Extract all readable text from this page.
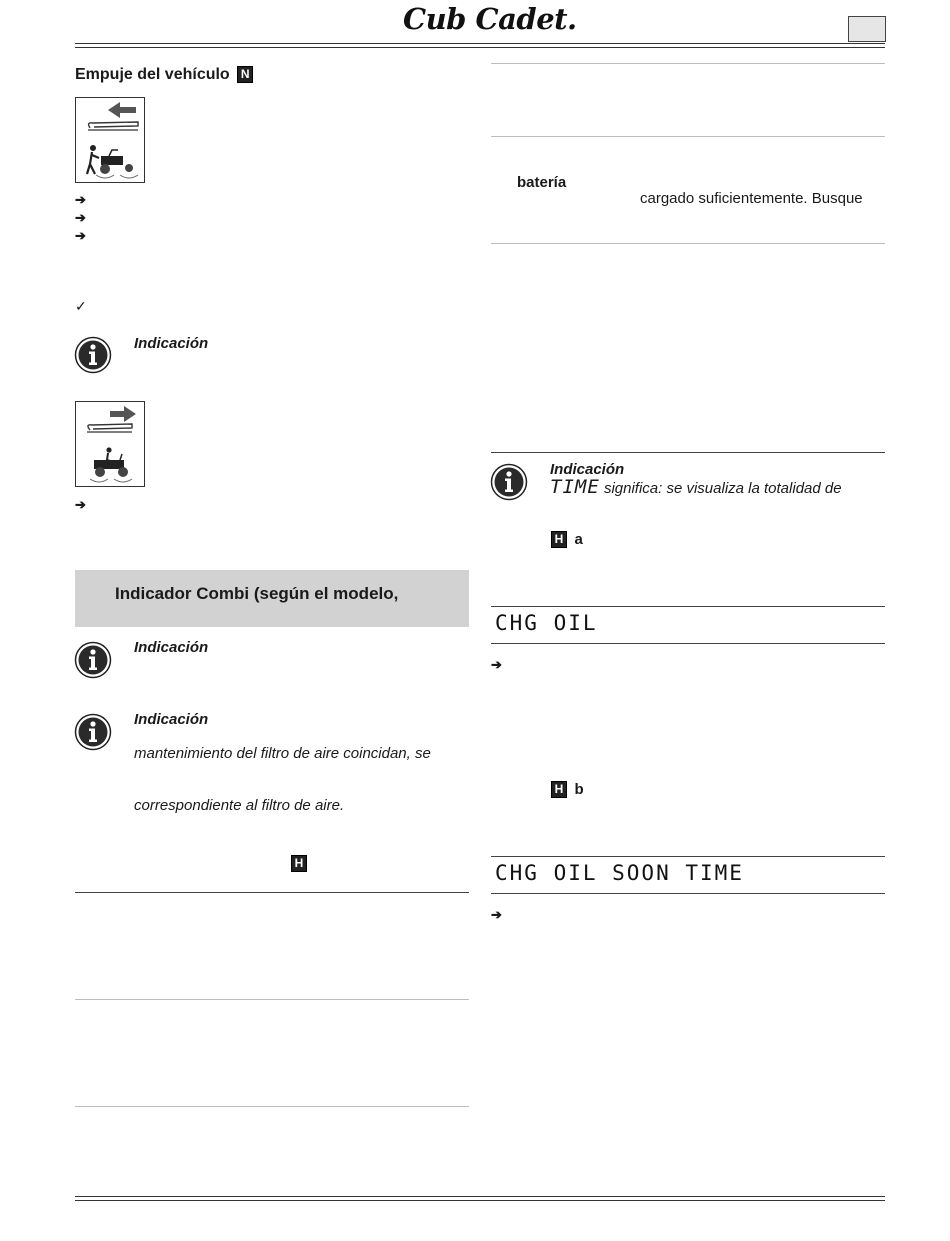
Cub Cadet.
Empuje del vehículo N
➔
➔
➔
✓
Indicación
➔
Indicador Combi (según el modelo,
Indicación
Indicación
mantenimiento del filtro de aire coincidan, se
correspondiente al filtro de aire.
H
batería
cargado suficientemente. Busque
Indicación
TIME significa: se visualiza la totalidad de
H a
CHG OIL
➔
H b
CHG OIL SOON TIME
➔
